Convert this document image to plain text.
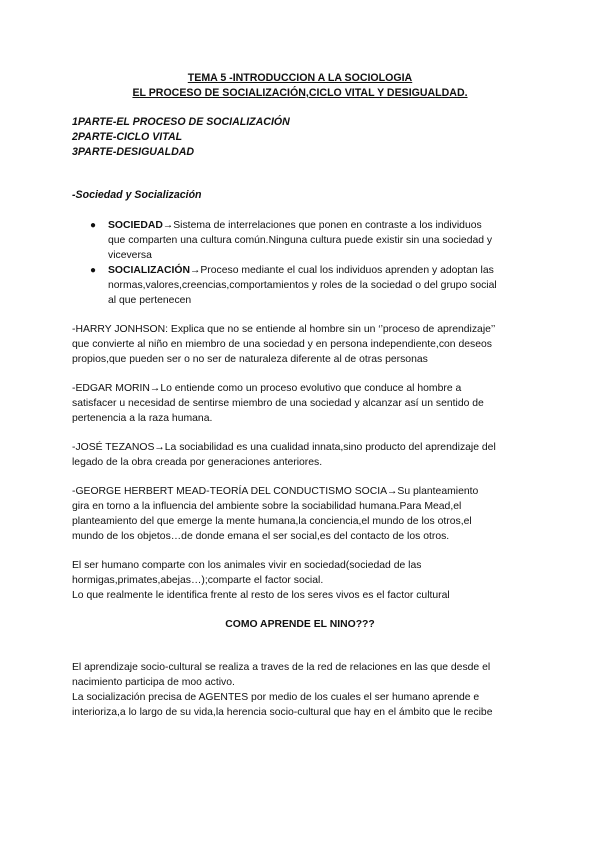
TEMA 5 -INTRODUCCION A LA SOCIOLOGIA
EL PROCESO DE SOCIALIZACIÓN,CICLO VITAL Y DESIGUALDAD.
1PARTE-EL PROCESO DE SOCIALIZACIÓN
2PARTE-CICLO VITAL
3PARTE-DESIGUALDAD
-Sociedad y Socialización
● SOCIEDAD→Sistema de interrelaciones que ponen en contraste a los individuos
que comparten una cultura común.Ninguna cultura puede existir sin una sociedad y
viceversa
● SOCIALIZACIÓN→Proceso mediante el cual los individuos aprenden y adoptan las
normas,valores,creencias,comportamientos y roles de la sociedad o del grupo social
al que pertenecen
-HARRY JONHSON: Explica que no se entiende al hombre sin un ‘’proceso de aprendizaje’’
que convierte al niño en miembro de una sociedad y en persona independiente,con deseos
propios,que pueden ser o no ser de naturaleza diferente al de otras personas
-EDGAR MORIN→Lo entiende como un proceso evolutivo que conduce al hombre a
satisfacer u necesidad de sentirse miembro de una sociedad y alcanzar así un sentido de
pertenencia a la raza humana.
-JOSÉ TEZANOS→La sociabilidad es una cualidad innata,sino producto del aprendizaje del
legado de la obra creada por generaciones anteriores.
-GEORGE HERBERT MEAD-TEORÍA DEL CONDUCTISMO SOCIA→Su planteamiento
gira en torno a la influencia del ambiente sobre la sociabilidad humana.Para Mead,el
planteamiento del que emerge la mente humana,la conciencia,el mundo de los otros,el
mundo de los objetos…de donde emana el ser social,es del contacto de los otros.
El ser humano comparte con los animales vivir en sociedad(sociedad de las
hormigas,primates,abejas…);comparte el factor social.
Lo que realmente le identifica frente al resto de los seres vivos es el factor cultural
COMO APRENDE EL NINO???
El aprendizaje socio-cultural se realiza a traves de la red de relaciones en las que desde el
nacimiento participa de moo activo.
La socialización precisa de AGENTES por medio de los cuales el ser humano aprende e
interioriza,a lo largo de su vida,la herencia socio-cultural que hay en el ámbito que le recibe
